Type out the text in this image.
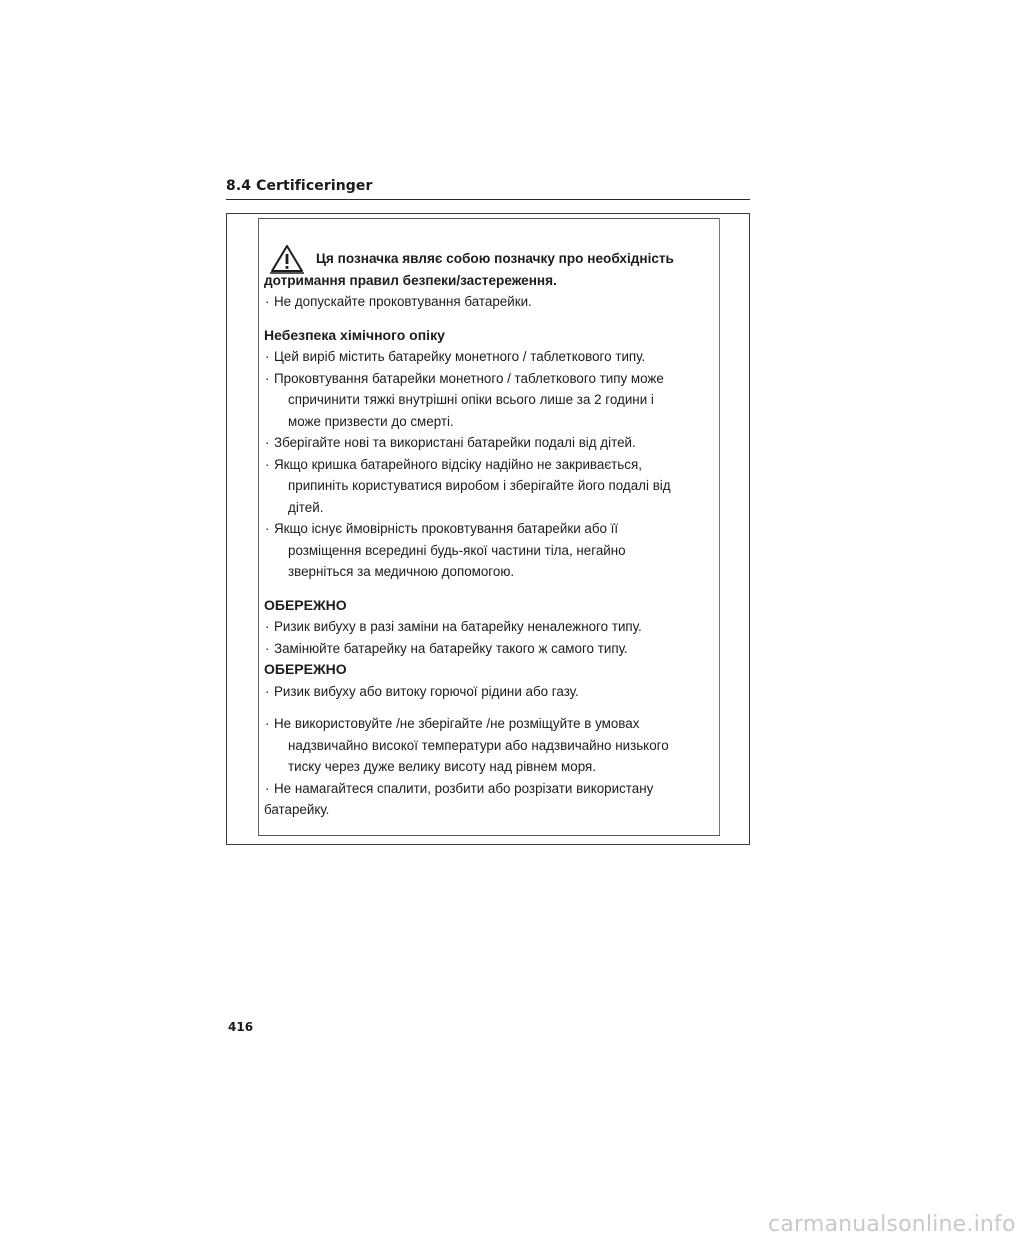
8.4 Certificeringer
Ця позначка являє собою позначку про необхідність
дотримання правил безпеки/застереження.
· Не допускайте проковтування батарейки.
Небезпека хімічного опіку
· Цей виріб містить батарейку монетного / таблеткового типу.
· Проковтування батарейки монетного / таблеткового типу може
спричинити тяжкі внутрішні опіки всього лише за 2 години і
може призвести до смерті.
· Зберігайте нові та використані батарейки подалі від дітей.
· Якщо кришка батарейного відсіку надійно не закривається,
припиніть користуватися виробом і зберігайте його подалі від
дітей.
· Якщо існує ймовірність проковтування батарейки або її
розміщення всередині будь-якої частини тіла, негайно
зверніться за медичною допомогою.
ОБЕРЕЖНО
· Ризик вибуху в разі заміни на батарейку неналежного типу.
· Замінюйте батарейку на батарейку такого ж самого типу.
ОБЕРЕЖНО
· Ризик вибуху або витоку горючої рідини або газу.
· Не використовуйте /не зберігайте /не розміщуйте в умовах
надзвичайно високої температури або надзвичайно низького
тиску через дуже велику висоту над рівнем моря.
· Не намагайтеся спалити, розбити або розрізати використану
батарейку.
416
carmanualsonline.info
